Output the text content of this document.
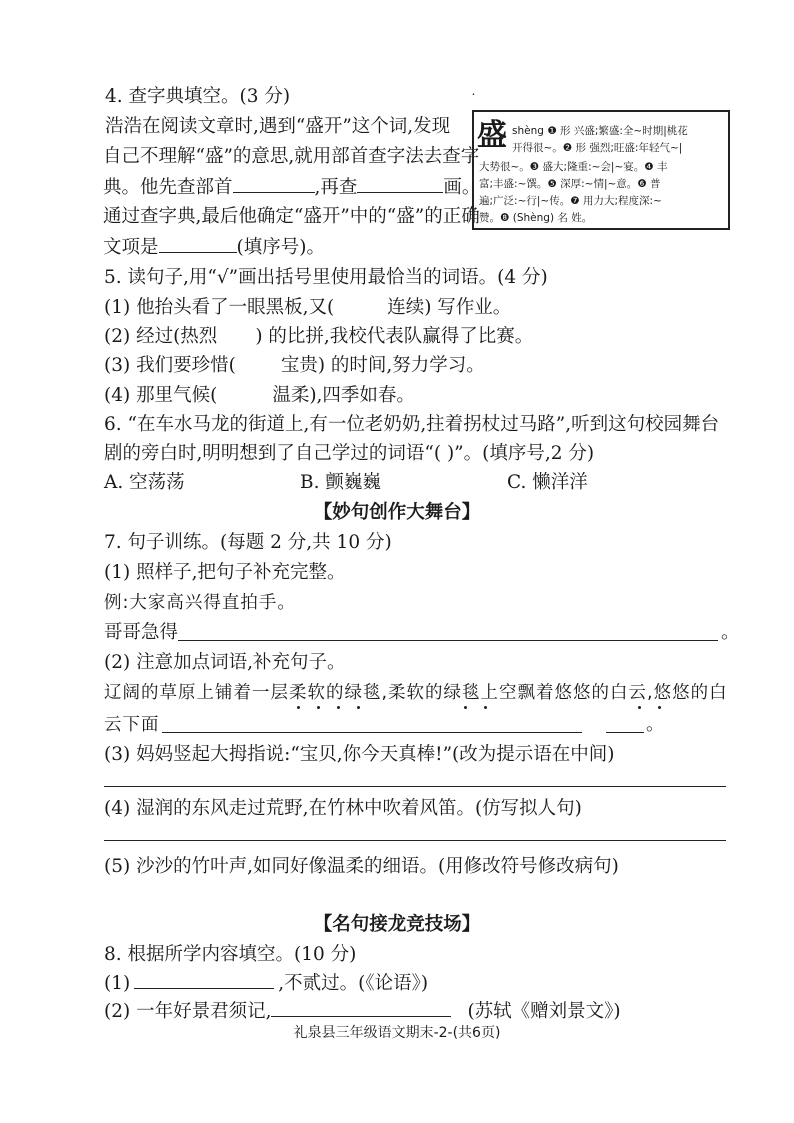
4. 查字典填空。(3 分)	˙
浩浩在阅读文章时,遇到“盛开”这个词,发现
自己不理解“盛”的意思,就用部首查字法去查字
典。他先查部首	,再查	画。
通过查字典,最后他确定“盛开”中的“盛”的正确
文项是	(填序号)。
盛 shèng ❶ 形 兴盛;繁盛:全~时期|桃花
开得很~。❷ 形 强烈;旺盛:年轻气~|
大势很~。❸ 盛大;隆重:~会|~宴。❹ 丰
富;丰盛:~馔。❺ 深厚:~情|~意。❻ 普
遍;广泛:~行|~传。❼ 用力大;程度深:~
赞。❽ (Shèng) 名 姓。
5. 读句子,用“√”画出括号里使用最恰当的词语。(4 分)
(1) 他抬头看了一眼黑板,又(	连续) 写作业。
(2) 经过(热烈 ) 的比拼,我校代表队赢得了比赛。
(3) 我们要珍惜( 宝贵) 的时间,努力学习。
(4) 那里气候(	温柔),四季如春。
6. “在车水马龙的街道上,有一位老奶奶,拄着拐杖过马路”,听到这句校园舞台
剧的旁白时,明明想到了自己学过的词语“( )”。(填序号,2 分)
A. 空荡荡	B. 颤巍巍	C. 懒洋洋
【妙句创作大舞台】
7. 句子训练。(每题 2 分,共 10 分)
(1) 照样子,把句子补充完整。
例:大家高兴得直拍手。
哥哥急得	。
(2) 注意加点词语,补充句子。
辽阔的草原上铺着一层柔软的绿毯,柔软的绿毯上空飘着悠悠的白云,悠悠的白
云下面	。
(3) 妈妈竖起大拇指说:“宝贝,你今天真棒!”(改为提示语在中间)
(4) 湿润的东风走过荒野,在竹林中吹着风笛。(仿写拟人句)
(5) 沙沙的竹叶声,如同好像温柔的细语。(用修改符号修改病句)
【名句接龙竞技场】
8. 根据所学内容填空。(10 分)
(1)	,不贰过。(《论语》)
(2) 一年好景君须记,	(苏轼《赠刘景文》)
礼泉县三年级语文期末-2-(共6页)
